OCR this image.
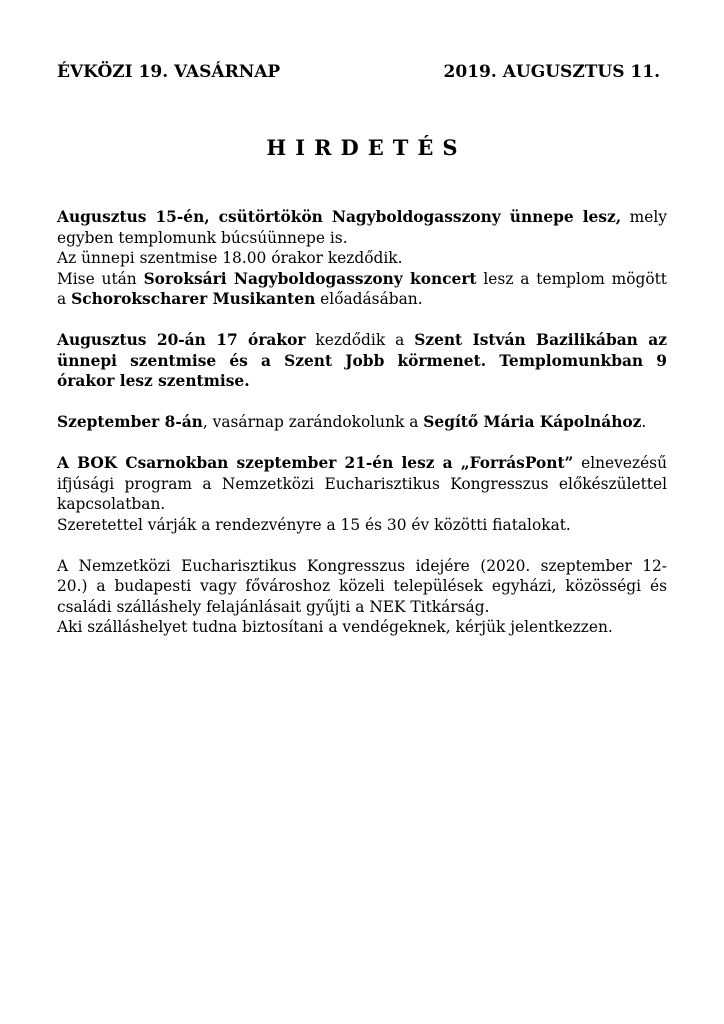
ÉVKÖZI 19. VASÁRNAP	2019. AUGUSZTUS 11.
HIRDETÉS
Augusztus 15-én, csütörtökön Nagyboldogasszony ünnepe lesz, mely
egyben templomunk búcsúünnepe is.
Az ünnepi szentmise 18.00 órakor kezdődik.
Mise után Soroksári Nagyboldogasszony koncert lesz a templom mögött
a Schorokscharer Musikanten előadásában.
Augusztus 20-án 17 órakor kezdődik a Szent István Bazilikában az
ünnepi szentmise és a Szent Jobb körmenet. Templomunkban 9
órakor lesz szentmise.
Szeptember 8-án, vasárnap zarándokolunk a Segítő Mária Kápolnához.
A BOK Csarnokban szeptember 21-én lesz a „ForrásPont” elnevezésű
ifjúsági program a Nemzetközi Eucharisztikus Kongresszus előkészülettel
kapcsolatban.
Szeretettel várják a rendezvényre a 15 és 30 év közötti fiatalokat.
A Nemzetközi Eucharisztikus Kongresszus idejére (2020. szeptember 12-
20.) a budapesti vagy fővároshoz közeli települések egyházi, közösségi és
családi szálláshely felajánlásait gyűjti a NEK Titkárság.
Aki szálláshelyet tudna biztosítani a vendégeknek, kérjük jelentkezzen.
